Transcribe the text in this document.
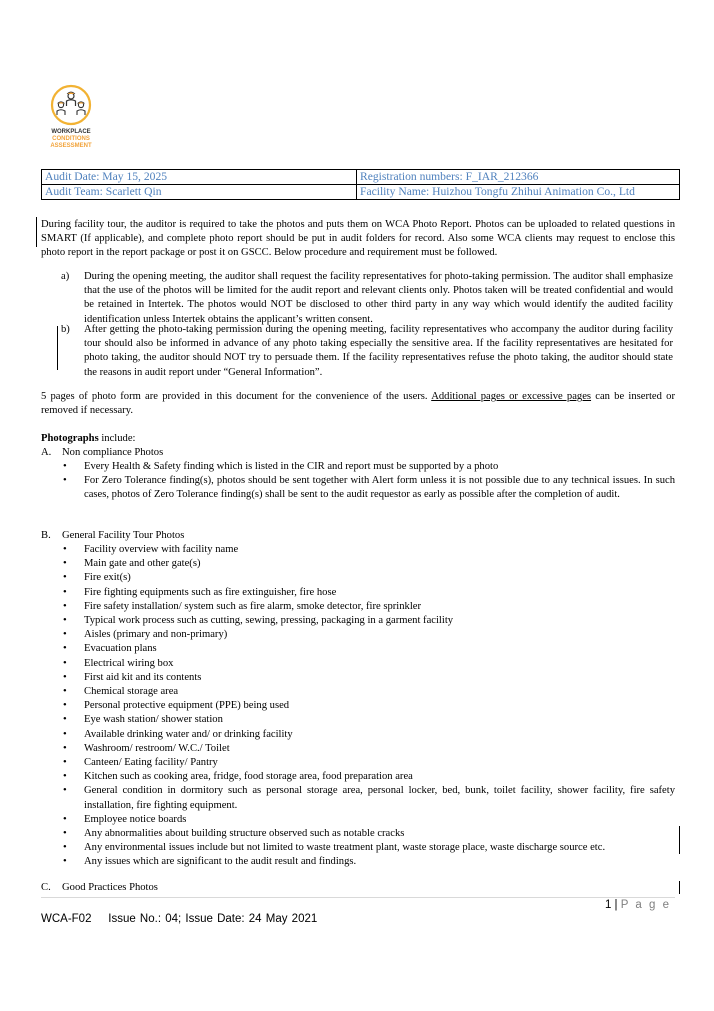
WORKPLACE
CONDITIONS
ASSESSMENT
Audit Date: May 15, 2025	Registration numbers: F_IAR_212366
Audit Team: Scarlett Qin	Facility Name: Huizhou Tongfu Zhihui Animation Co., Ltd

During facility tour, the auditor is required to take the photos and puts them on WCA Photo Report. Photos can be uploaded to related questions in SMART (If applicable), and complete photo report should be put in audit folders for record. Also some WCA clients may request to enclose this photo report in the report package or post it on GSCC. Below procedure and requirement must be followed.

a) During the opening meeting, the auditor shall request the facility representatives for photo-taking permission. The auditor shall emphasize that the use of the photos will be limited for the audit report and relevant clients only. Photos taken will be treated confidential and would be retained in Intertek. The photos would NOT be disclosed to other third party in any way which would identify the audited facility identification unless Intertek obtains the applicant’s written consent.

b) After getting the photo-taking permission during the opening meeting, facility representatives who accompany the auditor during facility tour should also be informed in advance of any photo taking especially the sensitive area. If the facility representatives are hesitated for photo taking, the auditor should NOT try to persuade them. If the facility representatives refuse the photo taking, the auditor should state the reasons in audit report under “General Information”.

5 pages of photo form are provided in this document for the convenience of the users. Additional pages or excessive pages can be inserted or removed if necessary.

Photographs include:

A. Non compliance Photos
• Every Health & Safety finding which is listed in the CIR and report must be supported by a photo
• For Zero Tolerance finding(s), photos should be sent together with Alert form unless it is not possible due to any technical issues. In such cases, photos of Zero Tolerance finding(s) shall be sent to the audit requestor as early as possible after the completion of audit.
B. General Facility Tour Photos
• Facility overview with facility name
• Main gate and other gate(s)
• Fire exit(s)
• Fire fighting equipments such as fire extinguisher, fire hose
• Fire safety installation/ system such as fire alarm, smoke detector, fire sprinkler
• Typical work process such as cutting, sewing, pressing, packaging in a garment facility
• Aisles (primary and non-primary)
• Evacuation plans
• Electrical wiring box
• First aid kit and its contents
• Chemical storage area
• Personal protective equipment (PPE) being used
• Eye wash station/ shower station
• Available drinking water and/ or drinking facility
• Washroom/ restroom/ W.C./ Toilet
• Canteen/ Eating facility/ Pantry
• Kitchen such as cooking area, fridge, food storage area, food preparation area
• General condition in dormitory such as personal storage area, personal locker, bed, bunk, toilet facility, shower facility, fire safety installation, fire fighting equipment.
• Employee notice boards
• Any abnormalities about building structure observed such as notable cracks
• Any environmental issues include but not limited to waste treatment plant, waste storage place, waste discharge source etc.
• Any issues which are significant to the audit result and findings.
C. Good Practices Photos
1 | P a g e
WCA-F02    Issue No.: 04; Issue Date: 24 May 2021
